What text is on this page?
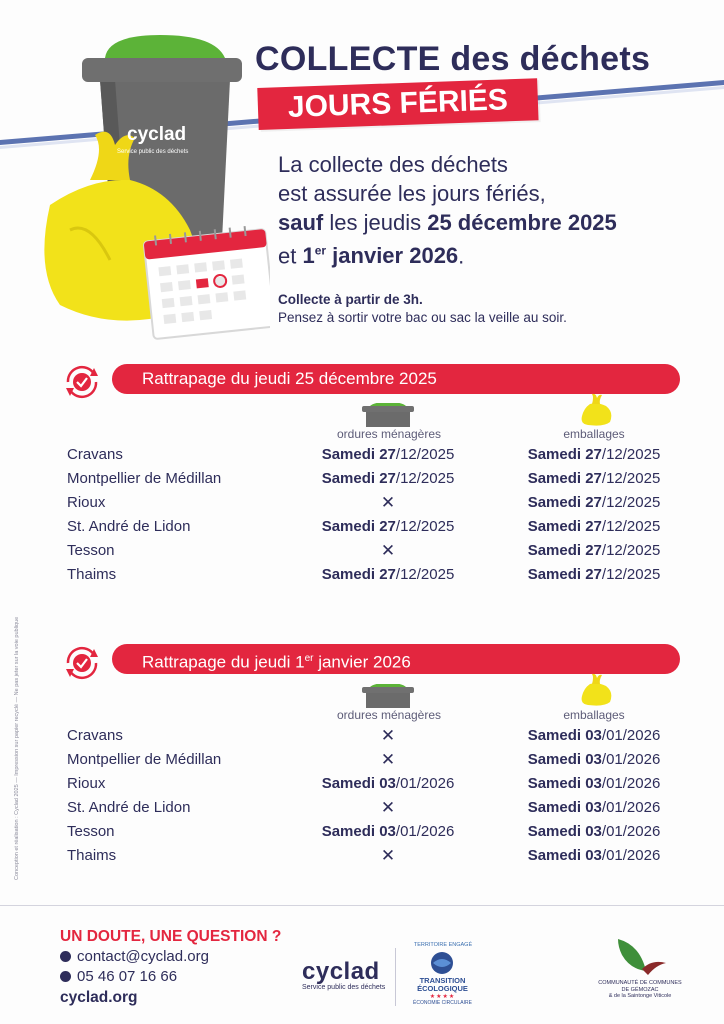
cyclad
Service public des déchets
COLLECTE des déchets
JOURS FÉRIÉS
La collecte des déchets
est assurée les jours fériés,
sauf les jeudis 25 décembre 2025
et 1er janvier 2026.
Collecte à partir de 3h.
Pensez à sortir votre bac ou sac la veille au soir.
Conception et réalisation : Cyclad 2025 — Impression sur papier recyclé — Ne pas jeter sur la voie publique
Rattrapage du jeudi 25 décembre 2025
ordures ménagères	emballages
Cravans	Samedi 27/12/2025	Samedi 27/12/2025
Montpellier de Médillan	Samedi 27/12/2025	Samedi 27/12/2025
Rioux	✕	Samedi 27/12/2025
St. André de Lidon	Samedi 27/12/2025	Samedi 27/12/2025
Tesson	✕	Samedi 27/12/2025
Thaims	Samedi 27/12/2025	Samedi 27/12/2025
Rattrapage du jeudi 1er janvier 2026
ordures ménagères	emballages
Cravans	✕	Samedi 03/01/2026
Montpellier de Médillan	✕	Samedi 03/01/2026
Rioux	Samedi 03/01/2026	Samedi 03/01/2026
St. André de Lidon	✕	Samedi 03/01/2026
Tesson	Samedi 03/01/2026	Samedi 03/01/2026
Thaims	✕	Samedi 03/01/2026
UN DOUTE, UNE QUESTION ?
contact@cyclad.org
05 46 07 16 66
cyclad.org
cyclad
Service public des déchets
TERRITOIRE ENGAGÉ
TRANSITION
ÉCOLOGIQUE
★★★★
ÉCONOMIE CIRCULAIRE
COMMUNAUTÉ DE COMMUNES
DE GÉMOZAC
& de la Saintonge Viticole
